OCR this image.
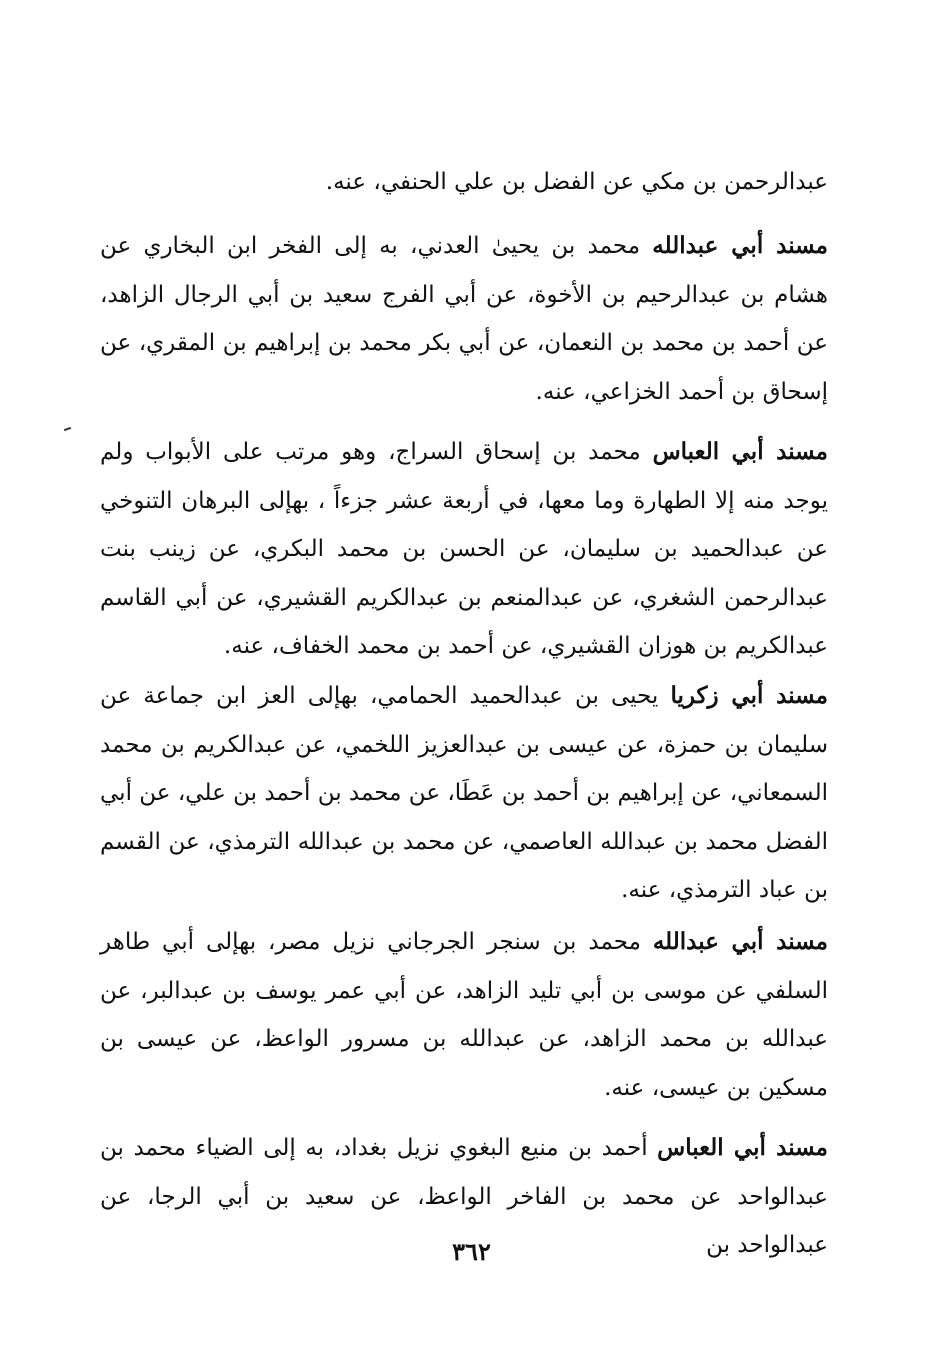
عبدالرحمن بن مكي عن الفضل بن علي الحنفي، عنه.

مسند أبي عبدالله محمد بن يحيىٰ العدني، به إلى الفخر ابن البخاري عن هشام بن عبدالرحيم بن الأخوة، عن أبي الفرج سعيد بن أبي الرجال الزاهد، عن أحمد بن محمد بن النعمان، عن أبي بكر محمد بن إبراهيم بن المقري، عن إسحاق بن أحمد الخزاعي، عنه.

مسند أبي العباس محمد بن إسحاق السراج، وهو مرتب على الأبواب ولم يوجد منه إلا الطهارة وما معها، في أربعة عشر جزءاً ، بهإلى البرهان التنوخي عن عبدالحميد بن سليمان، عن الحسن بن محمد البكري، عن زينب بنت عبدالرحمن الشغري، عن عبدالمنعم بن عبدالكريم القشيري، عن أبي القاسم عبدالكريم بن هوزان القشيري، عن أحمد بن محمد الخفاف، عنه.

مسند أبي زكريا يحيى بن عبدالحميد الحمامي، بهإلى العز ابن جماعة عن سليمان بن حمزة، عن عيسى بن عبدالعزيز اللخمي، عن عبدالكريم بن محمد السمعاني، عن إبراهيم بن أحمد بن عَطَا، عن محمد بن أحمد بن علي، عن أبي الفضل محمد بن عبدالله العاصمي، عن محمد بن عبدالله الترمذي، عن القسم بن عباد الترمذي، عنه.

مسند أبي عبدالله محمد بن سنجر الجرجاني نزيل مصر، بهإلى أبي طاهر السلفي عن موسى بن أبي تليد الزاهد، عن أبي عمر يوسف بن عبدالبر، عن عبدالله بن محمد الزاهد، عن عبدالله بن مسرور الواعظ، عن عيسى بن مسكين بن عيسى، عنه.

مسند أبي العباس أحمد بن منيع البغوي نزيل بغداد، به إلى الضياء محمد بن عبدالواحد عن محمد بن الفاخر الواعظ، عن سعيد بن أبي الرجا، عن عبدالواحد بن

٣٦٢
